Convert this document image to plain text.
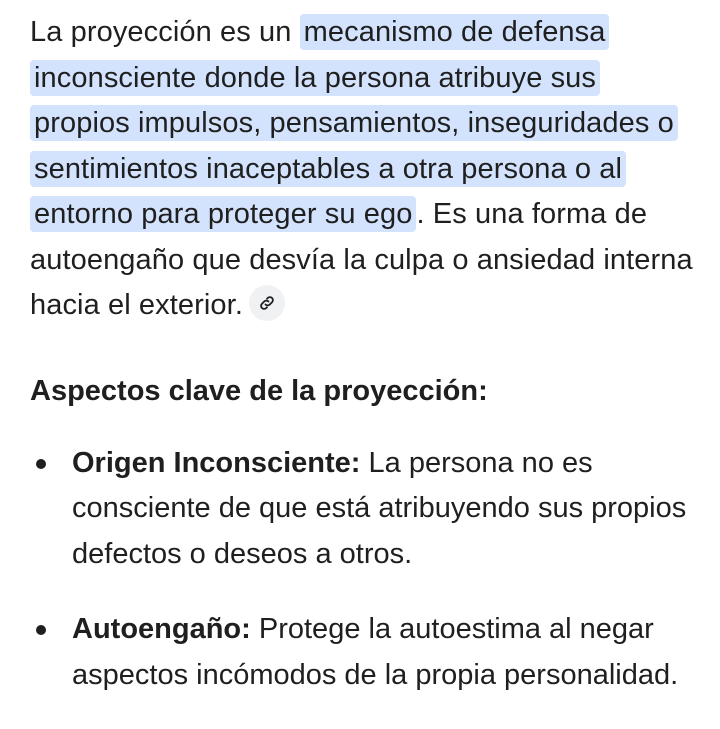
La proyección es un mecanismo de defensa inconsciente donde la persona atribuye sus propios impulsos, pensamientos, inseguridades o sentimientos inaceptables a otra persona o al entorno para proteger su ego . Es una forma de autoengaño que desvía la culpa o ansiedad interna hacia el exterior.

Aspectos clave de la proyección:
Origen Inconsciente: La persona no es consciente de que está atribuyendo sus propios defectos o deseos a otros.
Autoengaño: Protege la autoestima al negar aspectos incómodos de la propia personalidad.
